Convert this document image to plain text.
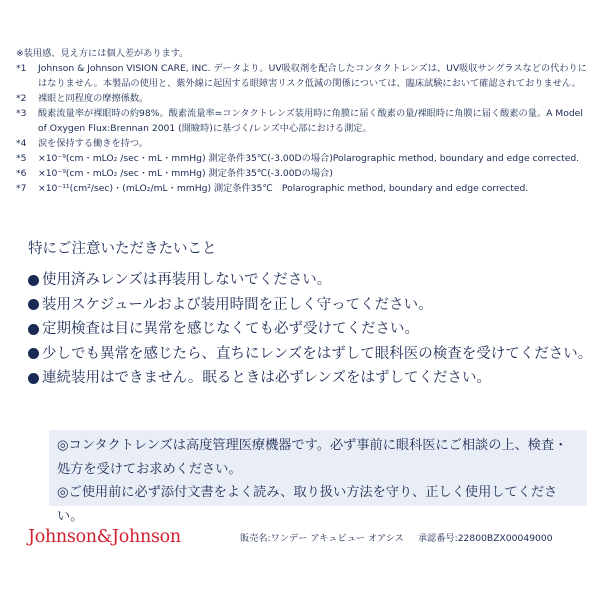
※装用感、見え方には個人差があります。
*1	Johnson & Johnson VISION CARE, INC. データより。UV吸収剤を配合したコンタクトレンズは、UV吸収サングラスなどの代わりにはなりません。本製品の使用と、紫外線に起因する眼障害リスク低減の関係については、臨床試験において確認されておりません。
*2	裸眼と同程度の摩擦係数。
*3	酸素流量率が裸眼時の約98%。酸素流量率=コンタクトレンズ装用時に角膜に届く酸素の量/裸眼時に角膜に届く酸素の量。A Model of Oxygen Flux:Brennan 2001 (開瞼時)に基づく/レンズ中心部における測定。
*4	涙を保持する働きを持つ。
*5	×10⁻⁹(cm・mLO₂ /sec・mL・mmHg) 測定条件35℃(-3.00Dの場合)Polarographic method, boundary and edge corrected.
*6	×10⁻⁹(cm・mLO₂ /sec・mL・mmHg) 測定条件35℃(-3.00Dの場合)
*7	×10⁻¹¹(cm²/sec)・(mLO₂/mL・mmHg) 測定条件35℃　Polarographic method, boundary and edge corrected.
特にご注意いただきたいこと
使用済みレンズは再装用しないでください。
装用スケジュールおよび装用時間を正しく守ってください。
定期検査は目に異常を感じなくても必ず受けてください。
少しでも異常を感じたら、直ちにレンズをはずして眼科医の検査を受けてください。
連続装用はできません。眠るときは必ずレンズをはずしてください。

◎コンタクトレンズは高度管理医療機器です。必ず事前に眼科医にご相談の上、検査・処方を受けてお求めください。

◎ご使用前に必ず添付文書をよく読み、取り扱い方法を守り、正しく使用してください。

Johnson&Johnson	販売名:ワンデー アキュビュー オアシス 承認番号:22800BZX00049000
